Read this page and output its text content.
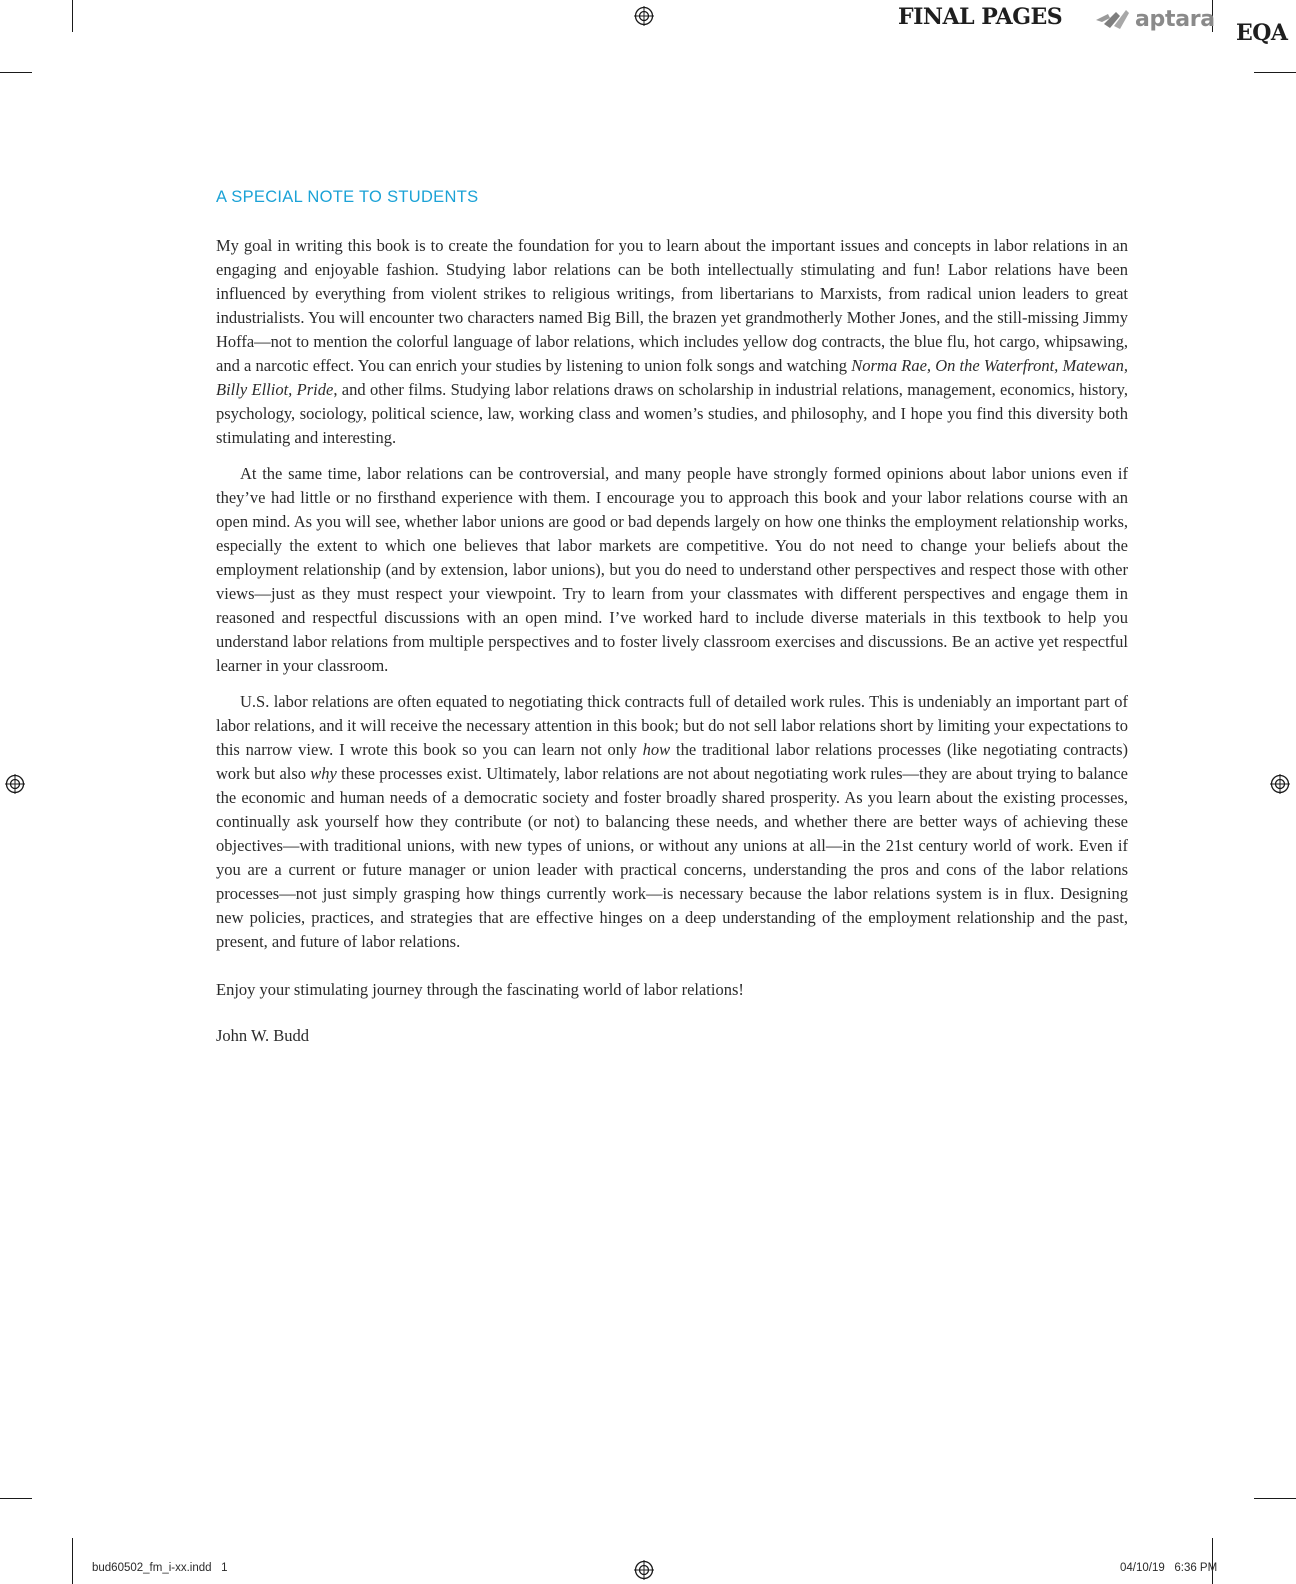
FINAL PAGES	aptara
EQA
A SPECIAL NOTE TO STUDENTS

My goal in writing this book is to create the foundation for you to learn about the important issues and concepts in labor relations in an engaging and enjoyable fashion. Studying labor relations can be both intellectually stimulating and fun! Labor relations have been influenced by everything from violent strikes to religious writings, from libertarians to Marxists, from radical union leaders to great industrialists. You will encounter two characters named Big Bill, the brazen yet grandmotherly Mother Jones, and the still-missing Jimmy Hoffa—not to mention the colorful language of labor relations, which includes yellow dog contracts, the blue flu, hot cargo, whipsawing, and a narcotic effect. You can enrich your studies by listening to union folk songs and watching Norma Rae, On the Waterfront, Matewan, Billy Elliot, Pride, and other films. Studying labor relations draws on scholarship in industrial relations, management, economics, history, psychology, sociology, political science, law, working class and women’s studies, and philosophy, and I hope you find this diversity both stimulating and interesting.

At the same time, labor relations can be controversial, and many people have strongly formed opinions about labor unions even if they’ve had little or no firsthand experience with them. I encourage you to approach this book and your labor relations course with an open mind. As you will see, whether labor unions are good or bad depends largely on how one thinks the employment relationship works, especially the extent to which one believes that labor markets are competitive. You do not need to change your beliefs about the employment relationship (and by extension, labor unions), but you do need to understand other perspectives and respect those with other views—just as they must respect your viewpoint. Try to learn from your classmates with different perspectives and engage them in reasoned and respectful discussions with an open mind. I’ve worked hard to include diverse materials in this textbook to help you understand labor relations from multiple perspectives and to foster lively classroom exercises and discussions. Be an active yet respectful learner in your classroom.

U.S. labor relations are often equated to negotiating thick contracts full of detailed work rules. This is undeniably an important part of labor relations, and it will receive the necessary attention in this book; but do not sell labor relations short by limiting your expectations to this narrow view. I wrote this book so you can learn not only how the traditional labor relations processes (like negotiating contracts) work but also why these processes exist. Ultimately, labor relations are not about negotiating work rules—they are about trying to balance the economic and human needs of a democratic society and foster broadly shared prosperity. As you learn about the existing processes, continually ask yourself how they contribute (or not) to balancing these needs, and whether there are better ways of achieving these objectives—with traditional unions, with new types of unions, or without any unions at all—in the 21st century world of work. Even if you are a current or future manager or union leader with practical concerns, understanding the pros and cons of the labor relations processes—not just simply grasping how things currently work—is necessary because the labor relations system is in flux. Designing new policies, practices, and strategies that are effective hinges on a deep understanding of the employment relationship and the past, present, and future of labor relations.

Enjoy your stimulating journey through the fascinating world of labor relations!

John W. Budd

bud60502_fm_i-xx.indd   1	04/10/19   6:36 PM
